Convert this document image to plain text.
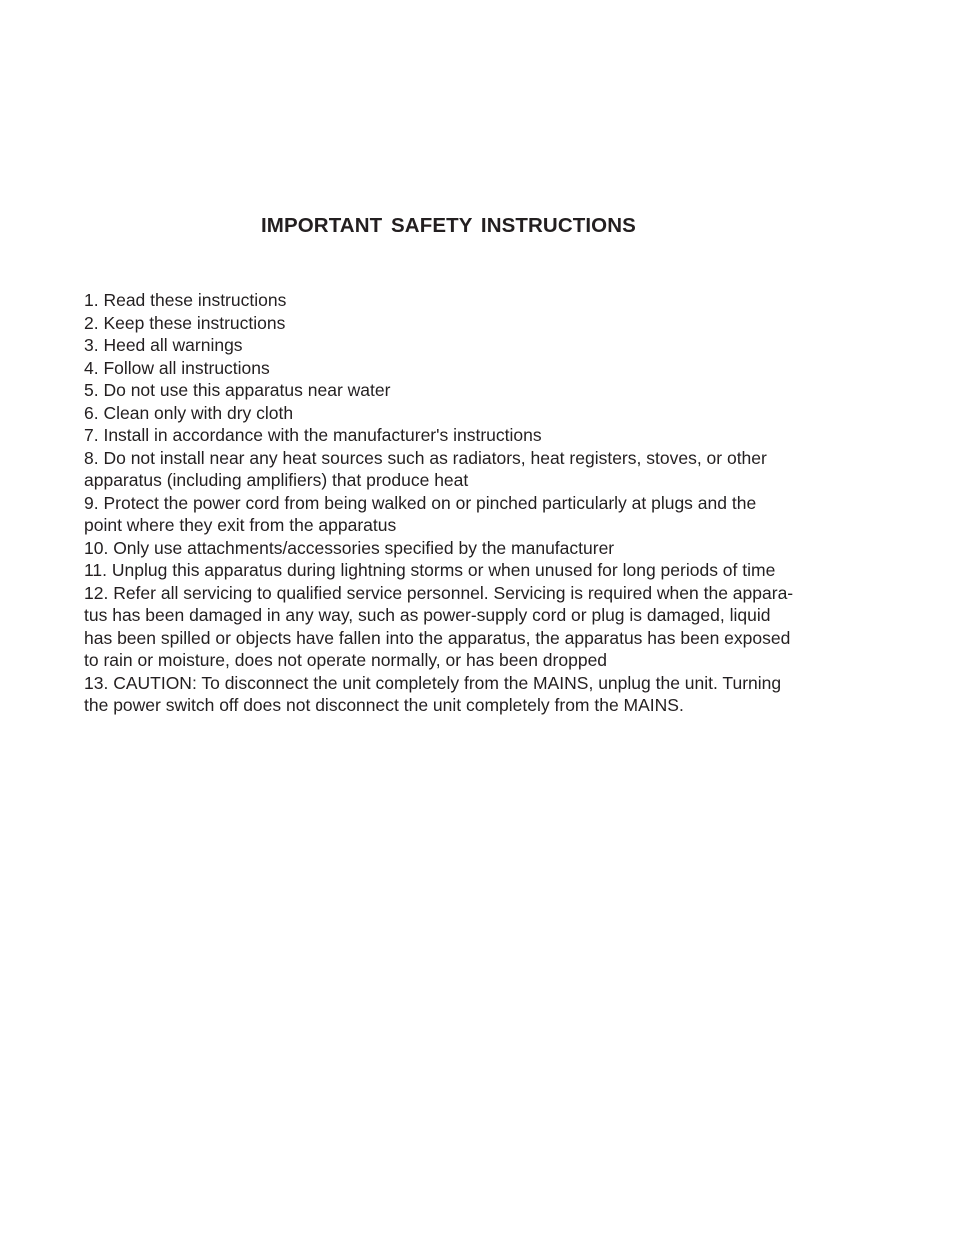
IMPORTANT SAFETY INSTRUCTIONS
1. Read these instructions
2. Keep these instructions
3. Heed all warnings
4. Follow all instructions
5. Do not use this apparatus near water
6. Clean only with dry cloth
7. Install in accordance with the manufacturer's instructions
8. Do not install near any heat sources such as radiators, heat registers, stoves, or other
apparatus (including amplifiers) that produce heat
9. Protect the power cord from being walked on or pinched particularly at plugs and the
point where they exit from the apparatus
10. Only use attachments/accessories specified by the manufacturer
11. Unplug this apparatus during lightning storms or when unused for long periods of time
12. Refer all servicing to qualified service personnel. Servicing is required when the appara-
tus has been damaged in any way, such as power-supply cord or plug is damaged, liquid
has been spilled or objects have fallen into the apparatus, the apparatus has been exposed
to rain or moisture, does not operate normally, or has been dropped
13. CAUTION: To disconnect the unit completely from the MAINS, unplug the unit. Turning
the power switch off does not disconnect the unit completely from the MAINS.
